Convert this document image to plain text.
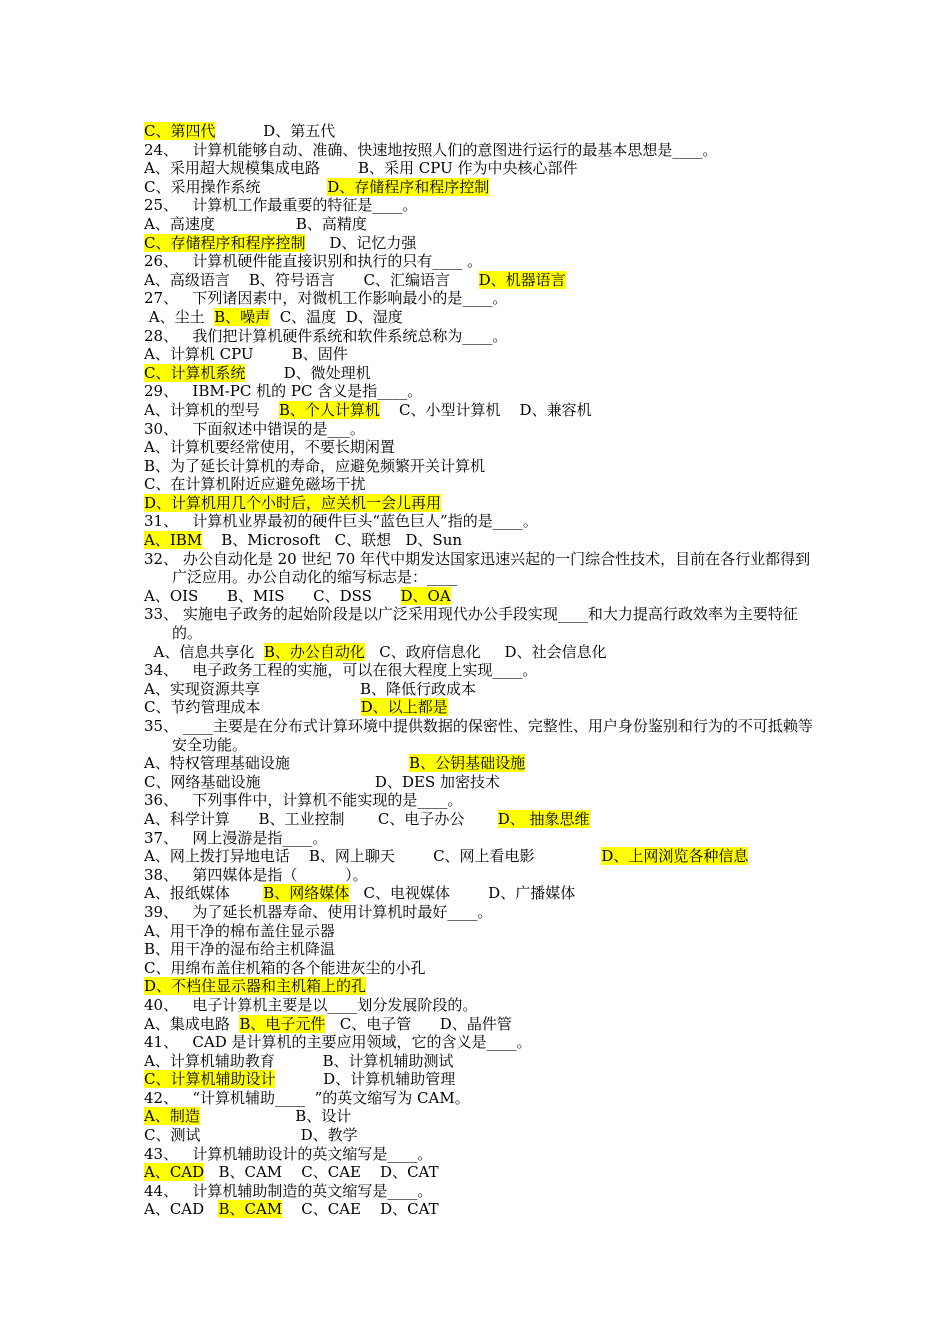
C、第四代          D、第五代
24、   计算机能够自动、准确、快速地按照人们的意图进行运行的最基本思想是____。
A、采用超大规模集成电路        B、采用 CPU 作为中央核心部件
C、采用操作系统              D、存储程序和程序控制
25、   计算机工作最重要的特征是____。
A、高速度                 B、高精度
C、存储程序和程序控制     D、记忆力强
26、   计算机硬件能直接识别和执行的只有____ 。
A、高级语言    B、符号语言      C、汇编语言      D、机器语言
27、   下列诸因素中，对微机工作影响最小的是____。
A、尘土  B、噪声  C、温度  D、湿度
28、   我们把计算机硬件系统和软件系统总称为____。
A、计算机 CPU        B、固件
C、计算机系统        D、微处理机
29、   IBM-PC 机的 PC 含义是指____。
A、计算机的型号    B、个人计算机    C、小型计算机    D、兼容机
30、   下面叙述中错误的是___。
A、计算机要经常使用，不要长期闲置
B、为了延长计算机的寿命，应避免频繁开关计算机
C、在计算机附近应避免磁场干扰
D、计算机用几个小时后，应关机一会儿再用
31、   计算机业界最初的硬件巨头“蓝色巨人”指的是____。
A、IBM    B、Microsoft   C、联想   D、Sun
32、 办公自动化是 20 世纪 70 年代中期发达国家迅速兴起的一门综合性技术，目前在各行业都得到广泛应用。办公自动化的缩写标志是：____
A、OIS      B、MIS      C、DSS      D、OA
33、 实施电子政务的起始阶段是以广泛采用现代办公手段实现____和大力提高行政效率为主要特征的。
A、信息共享化  B、办公自动化   C、政府信息化     D、社会信息化
34、   电子政务工程的实施，可以在很大程度上实现____。
A、实现资源共享                     B、降低行政成本
C、节约管理成本                     D、以上都是
35、 ____主要是在分布式计算环境中提供数据的保密性、完整性、用户身份鉴别和行为的不可抵赖等安全功能。
A、特权管理基础设施                         B、公钥基础设施
C、网络基础设施                        D、DES 加密技术
36、   下列事件中，计算机不能实现的是____。
A、科学计算      B、工业控制       C、电子办公       D、 抽象思维
37、   网上漫游是指____。
A、网上拨打异地电话    B、网上聊天        C、网上看电影              D、上网浏览各种信息
38、   第四媒体是指（          ）。
A、报纸媒体       B、网络媒体   C、电视媒体        D、广播媒体
39、   为了延长机器寿命、使用计算机时最好____。
A、用干净的棉布盖住显示器
B、用干净的湿布给主机降温
C、用绵布盖住机箱的各个能进灰尘的小孔
D、不档住显示器和主机箱上的孔
40、   电子计算机主要是以____划分发展阶段的。
A、集成电路  B、电子元件   C、电子管      D、晶件管
41、   CAD 是计算机的主要应用领域，它的含义是____。
A、计算机辅助教育          B、计算机辅助测试
C、计算机辅助设计          D、计算机辅助管理
42、   “计算机辅助____  ”的英文缩写为 CAM。
A、制造                    B、设计
C、测试                     D、教学
43、   计算机辅助设计的英文缩写是____。
A、CAD   B、CAM    C、CAE    D、CAT
44、   计算机辅助制造的英文缩写是____。
A、CAD   B、CAM    C、CAE    D、CAT
